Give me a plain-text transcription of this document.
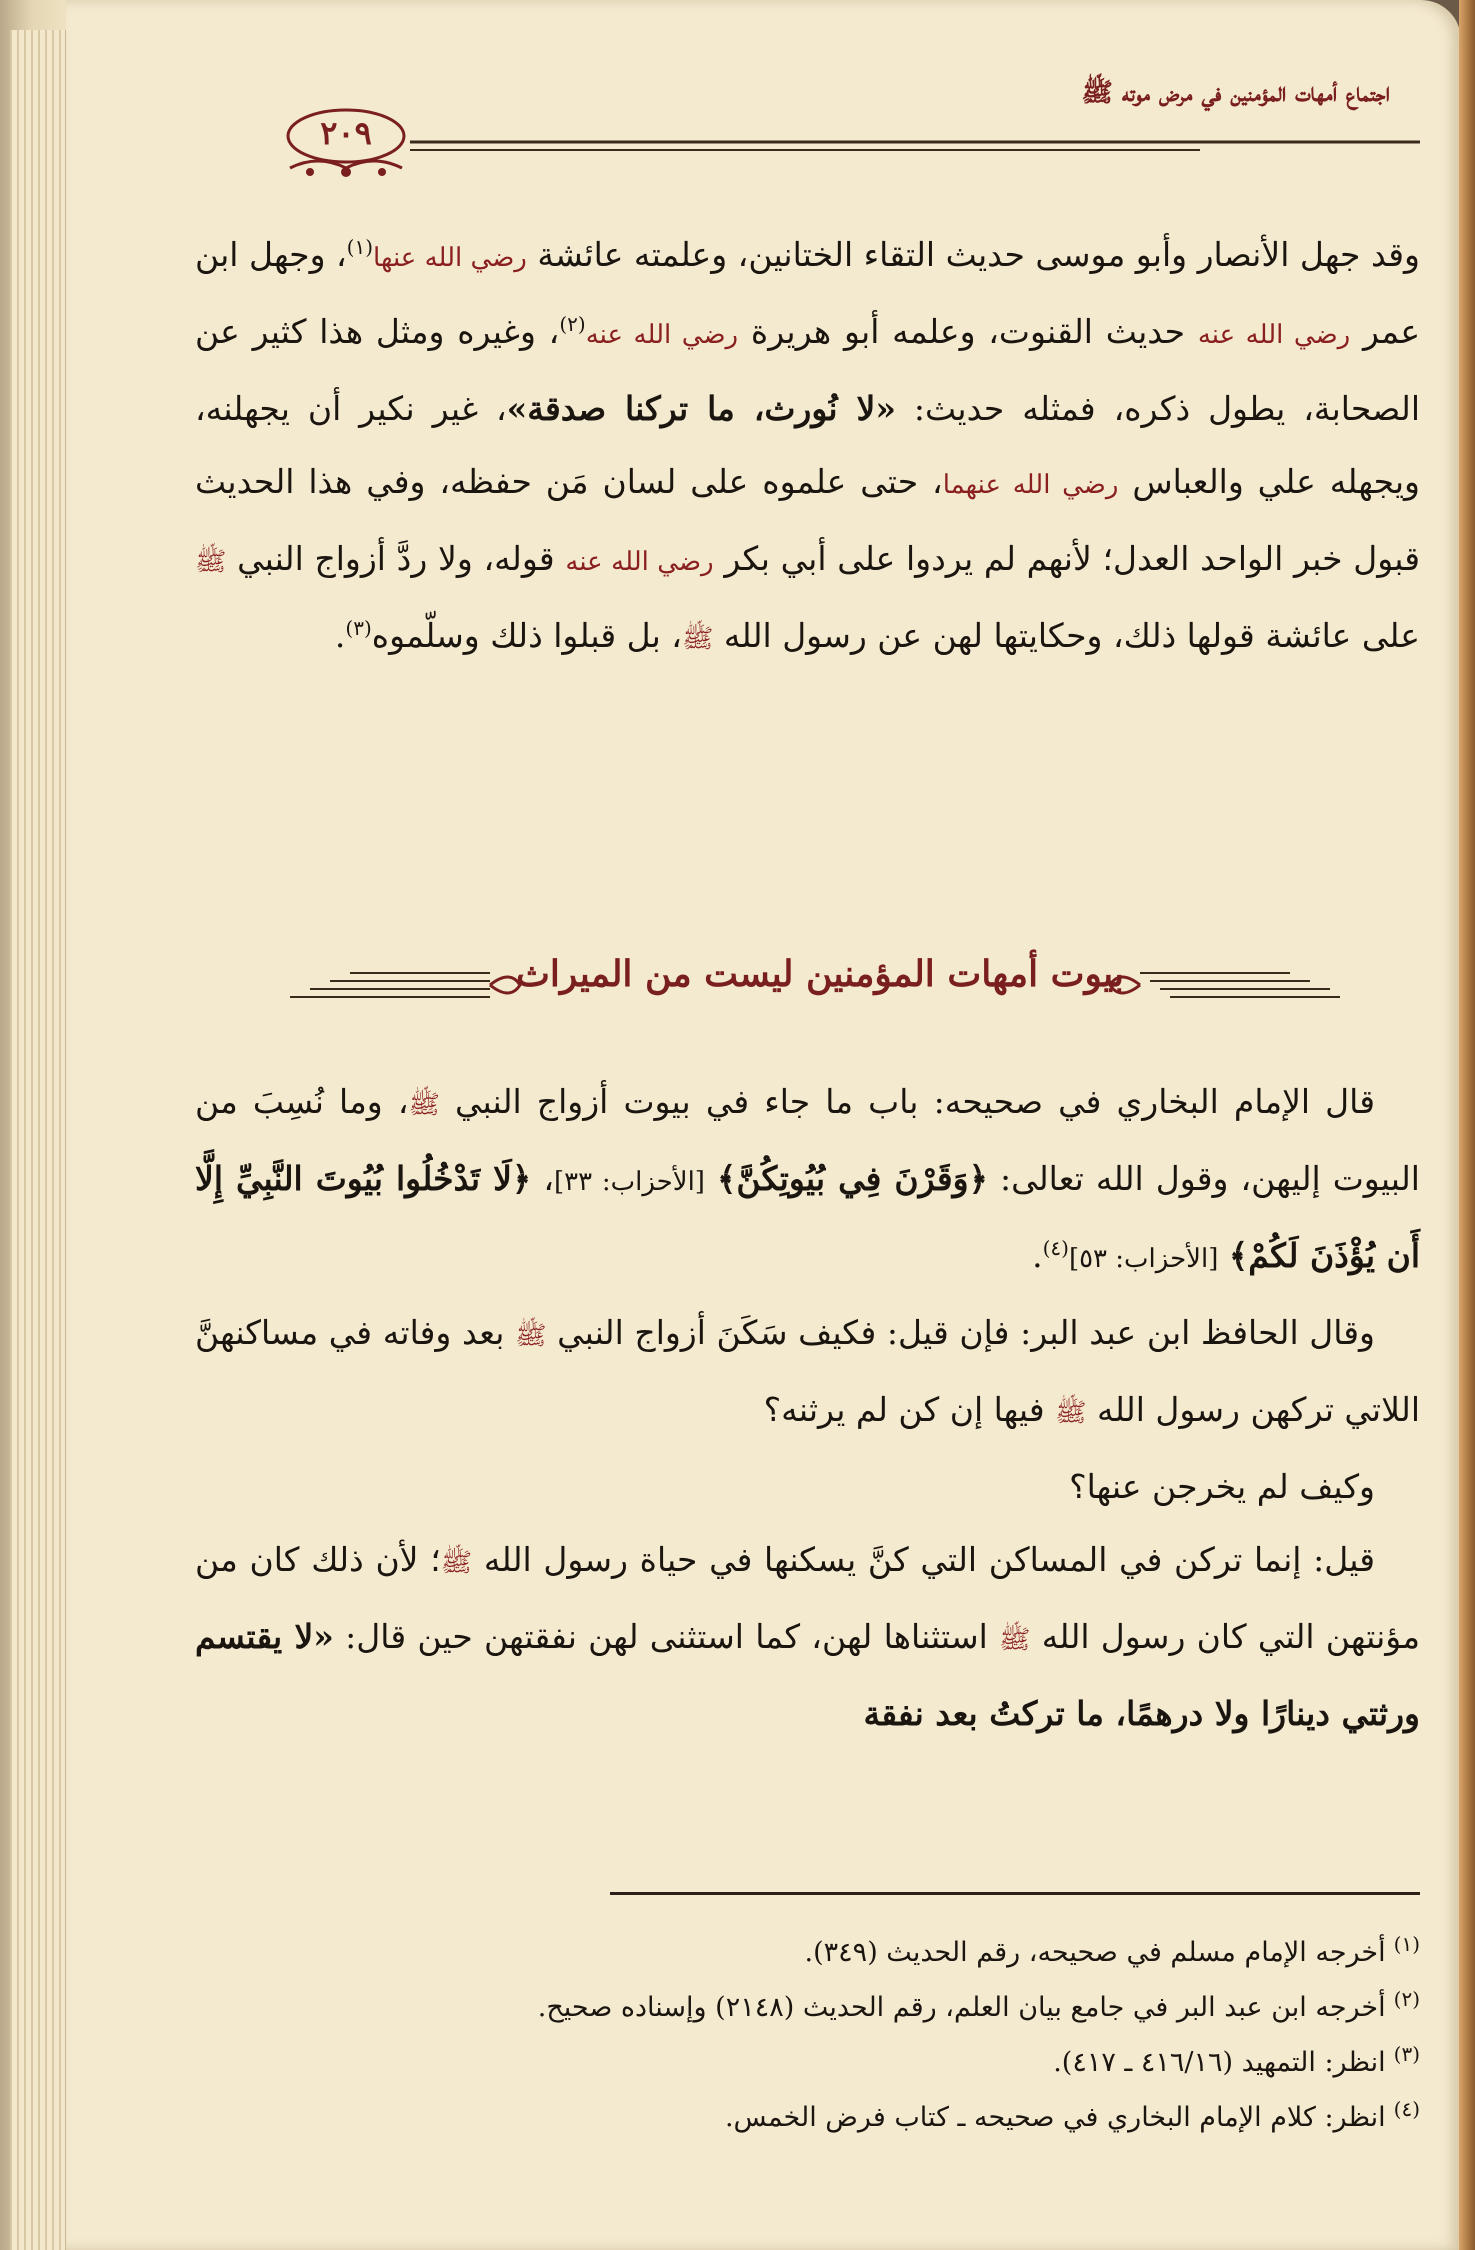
٢٠٩
اجتماع أمهات المؤمنين في مرض موته ﷺ

وقد جهل الأنصار وأبو موسى حديث التقاء الختانين، وعلمته عائشة رضي الله عنها$^{(١)}$، وجهل ابن عمر رضي الله عنه حديث القنوت، وعلمه أبو هريرة رضي الله عنه$^{(٢)}$، وغيره ومثل هذا كثير عن الصحابة، يطول ذكره، فمثله حديث: «لا نُورث، ما تركنا صدقة»، غير نكير أن يجهلنه، ويجهله علي والعباس رضي الله عنهما، حتى علموه على لسان مَن حفظه، وفي هذا الحديث قبول خبر الواحد العدل؛ لأنهم لم يردوا على أبي بكر رضي الله عنه قوله، ولا ردَّ أزواج النبي ﷺ على عائشة قولها ذلك، وحكايتها لهن عن رسول الله ﷺ، بل قبلوا ذلك وسلّموه$^{(٣)}$.

بيوت أمهات المؤمنين ليست من الميراث

قال الإمام البخاري في صحيحه: باب ما جاء في بيوت أزواج النبي ﷺ، وما نُسِبَ من البيوت إليهن، وقول الله تعالى: ﴿وَقَرْنَ فِي بُيُوتِكُنَّ﴾ [الأحزاب: ٣٣]، ﴿لَا تَدْخُلُوا بُيُوتَ النَّبِيِّ إِلَّا أَن يُؤْذَنَ لَكُمْ﴾ [الأحزاب: ٥٣]$^{(٤)}$.

وقال الحافظ ابن عبد البر: فإن قيل: فكيف سَكَنَ أزواج النبي ﷺ بعد وفاته في مساكنهنَّ اللاتي تركهن رسول الله ﷺ فيها إن كن لم يرثنه؟

وكيف لم يخرجن عنها؟

قيل: إنما تركن في المساكن التي كنَّ يسكنها في حياة رسول الله ﷺ؛ لأن ذلك كان من مؤنتهن التي كان رسول الله ﷺ استثناها لهن، كما استثنى لهن نفقتهن حين قال: «لا يقتسم ورثتي دينارًا ولا درهمًا، ما تركتُ بعد نفقة

$^{(١)}$أخرجه الإمام مسلم في صحيحه، رقم الحديث (٣٤٩).
$^{(٢)}$أخرجه ابن عبد البر في جامع بيان العلم، رقم الحديث (٢١٤٨) وإسناده صحيح.
$^{(٣)}$انظر: التمهيد (٤١٦/١٦ ـ ٤١٧).
$^{(٤)}$انظر: كلام الإمام البخاري في صحيحه ـ كتاب فرض الخمس.
